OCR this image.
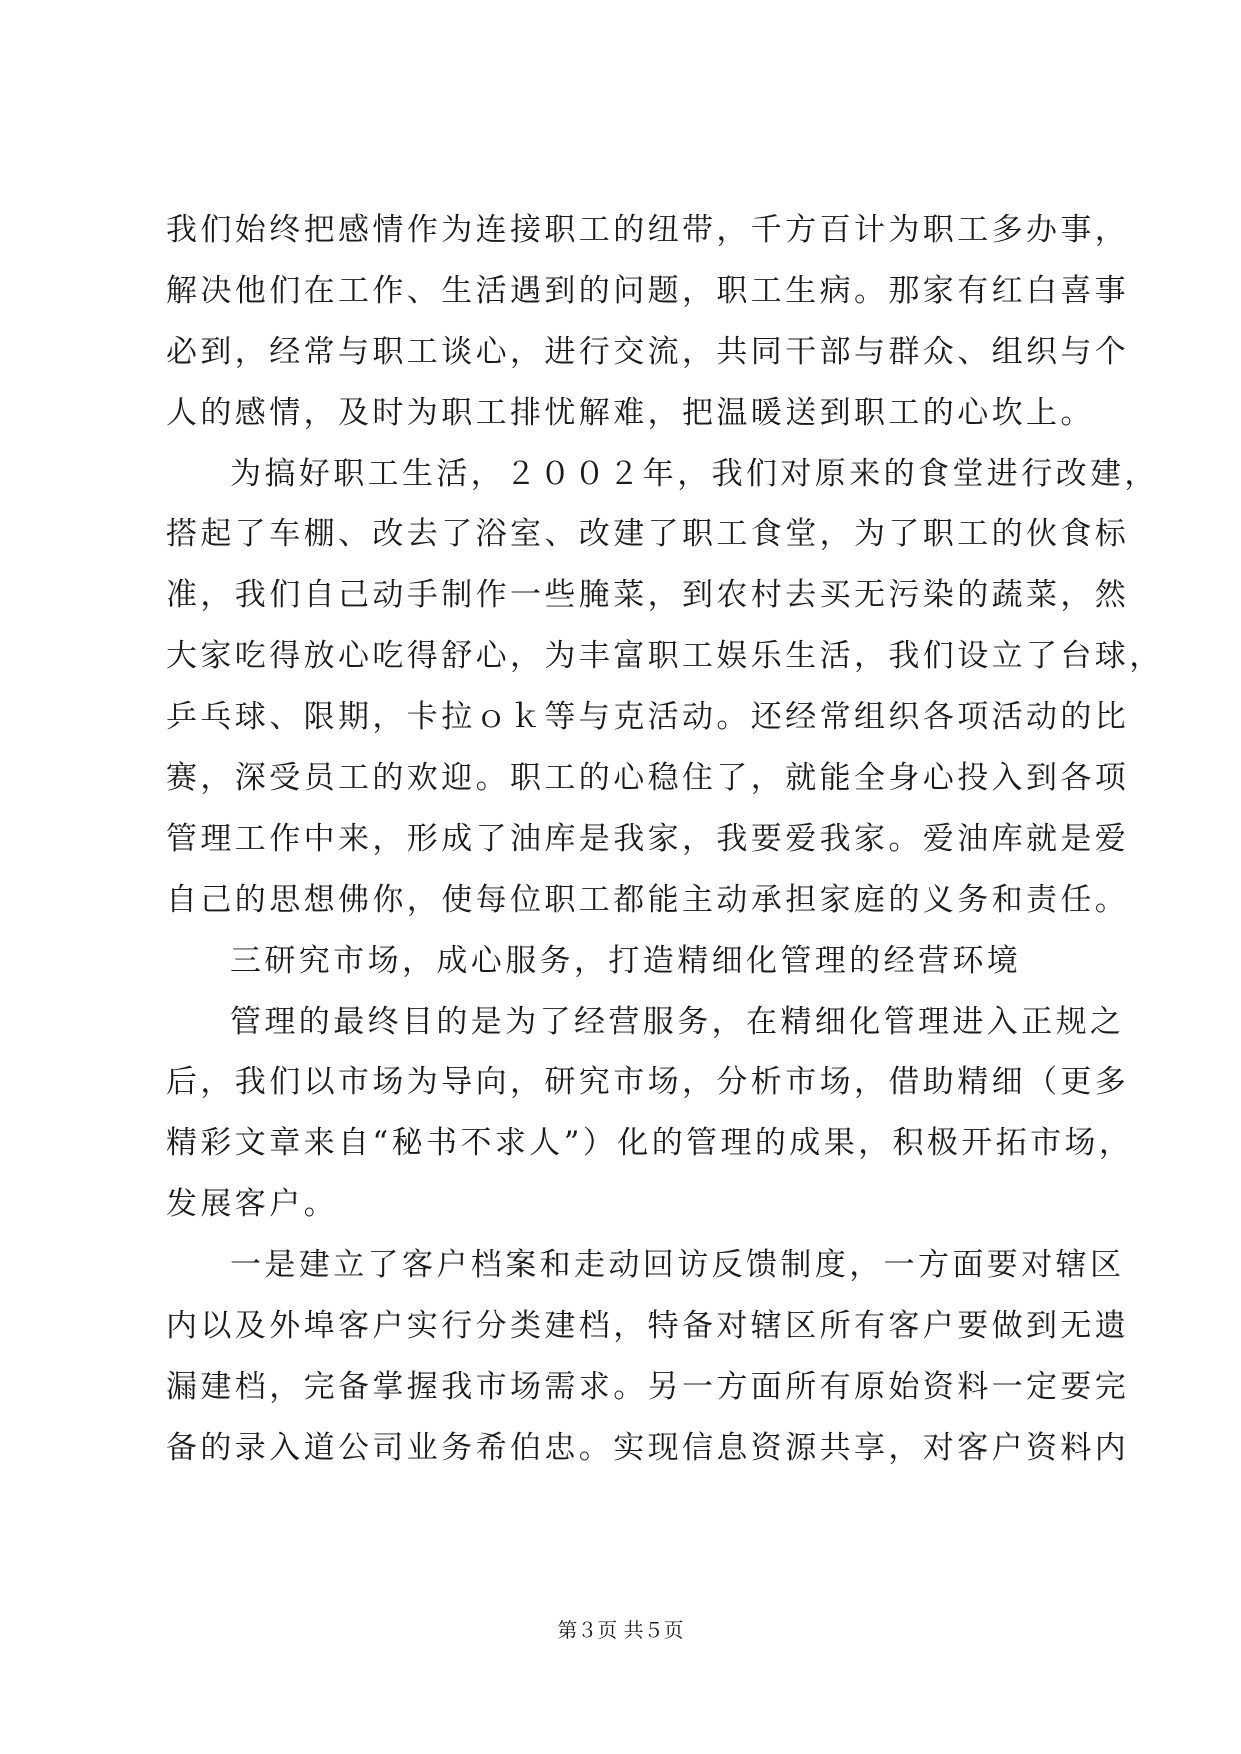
我们始终把感情作为连接职工的纽带，千方百计为职工多办事，
解决他们在工作、生活遇到的问题，职工生病。那家有红白喜事
必到，经常与职工谈心，进行交流，共同干部与群众、组织与个
人的感情，及时为职工排忧解难，把温暖送到职工的心坎上。
为搞好职工生活，２００２年，我们对原来的食堂进行改建，
搭起了车棚、改去了浴室、改建了职工食堂，为了职工的伙食标
准，我们自己动手制作一些腌菜，到农村去买无污染的蔬菜，然
大家吃得放心吃得舒心，为丰富职工娱乐生活，我们设立了台球，
乒乓球、限期，卡拉ｏｋ等与克活动。还经常组织各项活动的比
赛，深受员工的欢迎。职工的心稳住了，就能全身心投入到各项
管理工作中来，形成了油库是我家，我要爱我家。爱油库就是爱
自己的思想佛你，使每位职工都能主动承担家庭的义务和责任。
三研究市场，成心服务，打造精细化管理的经营环境
管理的最终目的是为了经营服务，在精细化管理进入正规之
后，我们以市场为导向，研究市场，分析市场，借助精细（更多
精彩文章来自“秘书不求人”）化的管理的成果，积极开拓市场，
发展客户。
一是建立了客户档案和走动回访反馈制度，一方面要对辖区
内以及外埠客户实行分类建档，特备对辖区所有客户要做到无遗
漏建档，完备掌握我市场需求。另一方面所有原始资料一定要完
备的录入道公司业务希伯忠。实现信息资源共享，对客户资料内
第３页 共５页
